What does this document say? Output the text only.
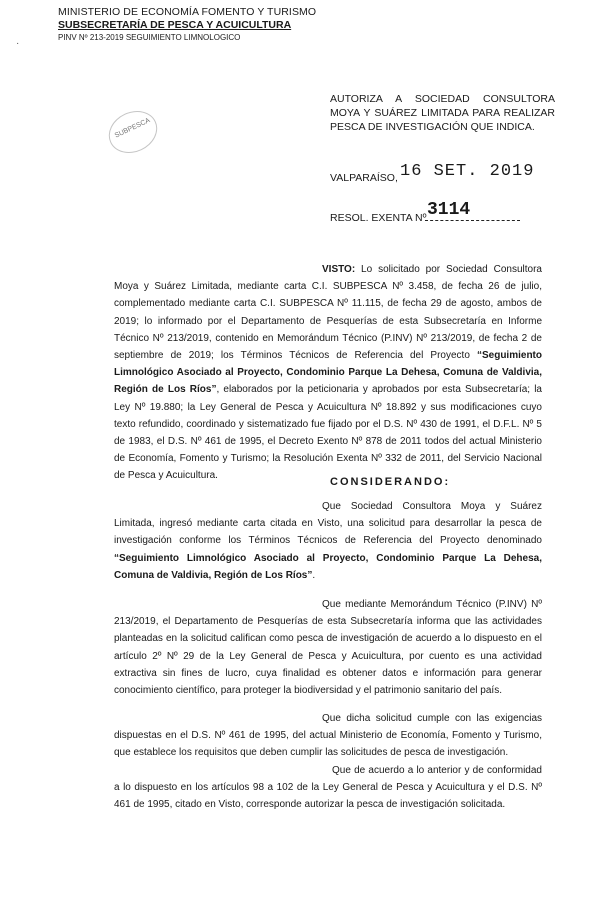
·
MINISTERIO DE ECONOMÍA FOMENTO Y TURISMO
SUBSECRETARÍA DE PESCA Y ACUICULTURA
PINV Nº 213-2019 SEGUIMIENTO LIMNOLOGICO
SUBPESCA
AUTORIZA A SOCIEDAD CONSULTORA MOYA Y SUÁREZ LIMITADA PARA REALIZAR PESCA DE INVESTIGACIÓN QUE INDICA.
VALPARAÍSO, 16 SET. 2019
RESOL. EXENTA Nº 3114
VISTO: Lo solicitado por Sociedad Consultora Moya y Suárez Limitada, mediante carta C.I. SUBPESCA Nº 3.458, de fecha 26 de julio, complementado mediante carta C.I. SUBPESCA Nº 11.115, de fecha 29 de agosto, ambos de 2019; lo informado por el Departamento de Pesquerías de esta Subsecretaría en Informe Técnico Nº 213/2019, contenido en Memorándum Técnico (P.INV) Nº 213/2019, de fecha 2 de septiembre de 2019; los Términos Técnicos de Referencia del Proyecto “Seguimiento Limnológico Asociado al Proyecto, Condominio Parque La Dehesa, Comuna de Valdivia, Región de Los Ríos”, elaborados por la peticionaria y aprobados por esta Subsecretaría; la Ley Nº 19.880; la Ley General de Pesca y Acuicultura Nº 18.892 y sus modificaciones cuyo texto refundido, coordinado y sistematizado fue fijado por el D.S. Nº 430 de 1991, el D.F.L. Nº 5 de 1983, el D.S. Nº 461 de 1995, el Decreto Exento Nº 878 de 2011 todos del actual Ministerio de Economía, Fomento y Turismo; la Resolución Exenta Nº 332 de 2011, del Servicio Nacional de Pesca y Acuicultura.
CONSIDERANDO:
Que Sociedad Consultora Moya y Suárez Limitada, ingresó mediante carta citada en Visto, una solicitud para desarrollar la pesca de investigación conforme los Términos Técnicos de Referencia del Proyecto denominado “Seguimiento Limnológico Asociado al Proyecto, Condominio Parque La Dehesa, Comuna de Valdivia, Región de Los Ríos”.
Que mediante Memorándum Técnico (P.INV) Nº 213/2019, el Departamento de Pesquerías de esta Subsecretaría informa que las actividades planteadas en la solicitud califican como pesca de investigación de acuerdo a lo dispuesto en el artículo 2º Nº 29 de la Ley General de Pesca y Acuicultura, por cuento es una actividad extractiva sin fines de lucro, cuya finalidad es obtener datos e información para generar conocimiento científico, para proteger la biodiversidad y el patrimonio sanitario del país.
Que dicha solicitud cumple con las exigencias dispuestas en el D.S. Nº 461 de 1995, del actual Ministerio de Economía, Fomento y Turismo, que establece los requisitos que deben cumplir las solicitudes de pesca de investigación.
Que de acuerdo a lo anterior y de conformidad a lo dispuesto en los artículos 98 a 102 de la Ley General de Pesca y Acuicultura y el D.S. Nº 461 de 1995, citado en Visto, corresponde autorizar la pesca de investigación solicitada.
